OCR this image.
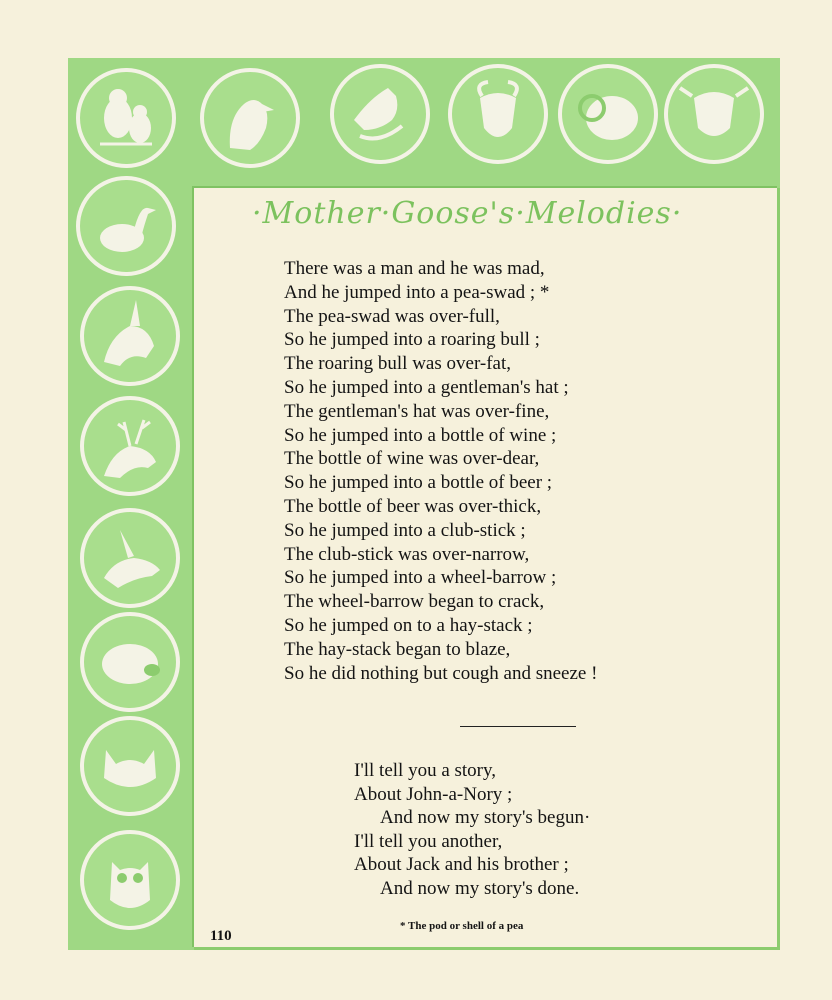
·Mother·Goose's·Melodies·
There was a man and he was mad,
And he jumped into a pea-swad ; *
The pea-swad was over-full,
So he jumped into a roaring bull ;
The roaring bull was over-fat,
So he jumped into a gentleman's hat ;
The gentleman's hat was over-fine,
So he jumped into a bottle of wine ;
The bottle of wine was over-dear,
So he jumped into a bottle of beer ;
The bottle of beer was over-thick,
So he jumped into a club-stick ;
The club-stick was over-narrow,
So he jumped into a wheel-barrow ;
The wheel-barrow began to crack,
So he jumped on to a hay-stack ;
The hay-stack began to blaze,
So he did nothing but cough and sneeze !
I'll tell you a story,
About John-a-Nory ;
And now my story's begun·
I'll tell you another,
About Jack and his brother ;
And now my story's done.
* The pod or shell of a pea
110
